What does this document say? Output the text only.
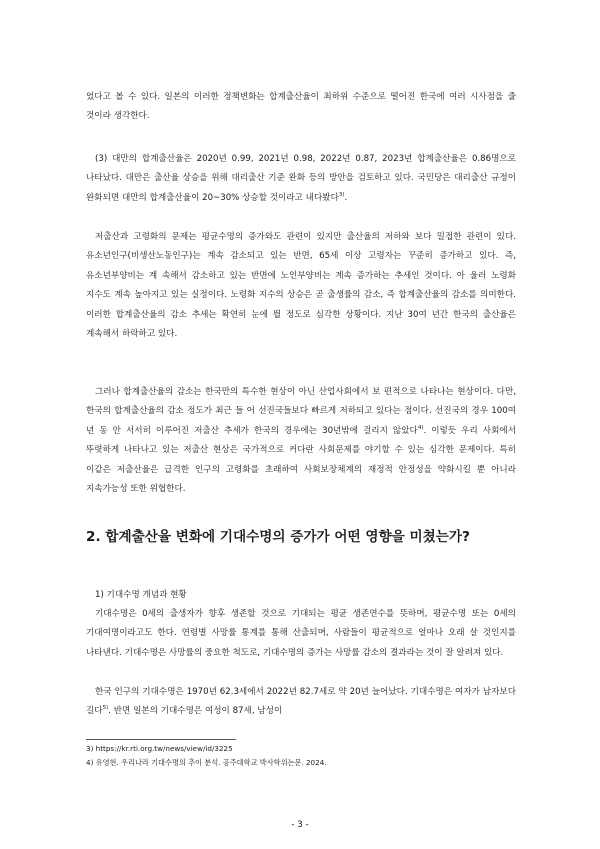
었다고 볼 수 있다. 일본의 이러한 정책변화는 합계출산율이 최하위 수준으로 떨어진 한국에 여러 시사점을 줄 것이라 생각한다.

(3) 대만의 합계출산율은 2020년 0.99, 2021년 0.98, 2022년 0.87, 2023년 합계출산율은 0.86명으로 나타났다. 대만은 출산율 상승을 위해 대리출산 기준 완화 등의 방안을 검토하고 있다. 국민당은 대리출산 규정이 완화되면 대만의 합계출산율이 20~30% 상승할 것이라고 내다봤다$^{3)}$.

저출산과 고령화의 문제는 평균수명의 증가와도 관련이 있지만 출산율의 저하와 보다 밀접한 관련이 있다. 유소년인구(비생산노동인구)는 계속 감소되고 있는 반면, 65세 이상 고령자는 꾸준히 증가하고 있다. 즉, 유소년부양비는 계 속해서 감소하고 있는 반면에 노인부양비는 계속 증가하는 추세인 것이다. 아 울러 노령화 지수도 계속 높아지고 있는 실정이다. 노령화 지수의 상승은 곧 출생률의 감소, 즉 합계출산율의 감소를 의미한다. 이러한 합계출산율의 감소 추세는 확연히 눈에 띌 정도로 심각한 상황이다. 지난 30여 년간 한국의 출산율은 계속해서 하락하고 있다.

그러나 합계출산율의 감소는 한국만의 특수한 현상이 아닌 산업사회에서 보 편적으로 나타나는 현상이다. 다만, 한국의 합계출산율의 감소 정도가 최근 들 어 선진국들보다 빠르게 저하되고 있다는 점이다. 선진국의 경우 100여 년 동 안 서서히 이루어진 저출산 추세가 한국의 경우에는 30년밖에 걸리지 않았다$^{4)}$. 이렇듯 우리 사회에서 뚜렷하게 나타나고 있는 저출산 현상은 국가적으로 커다란 사회문제를 야기할 수 있는 심각한 문제이다. 특히 이같은 저출산율은 급격한 인구의 고령화를 초래하여 사회보장체계의 재정적 안정성을 약화시킬 뿐 아니라 지속가능성 또한 위협한다.

2. 합계출산율 변화에 기대수명의 증가가 어떤 영향을 미쳤는가?

1) 기대수명 개념과 현황

기대수명은 0세의 출생자가 향후 생존할 것으로 기대되는 평균 생존연수를 뜻하며, 평균수명 또는 0세의 기대여명이라고도 한다. 연령별 사망률 통계를 통해 산출되며, 사람들이 평균적으로 얼마나 오래 살 것인지를 나타낸다. 기대수명은 사망률의 중요한 척도로, 기대수명의 증가는 사망률 감소의 결과라는 것이 잘 알려져 있다.

한국 인구의 기대수명은 1970년 62.3세에서 2022년 82.7세로 약 20년 늘어났다. 기대수명은 여자가 남자보다 길다$^{5)}$. 반면 일본의 기대수명은 여성이 87세, 남성이

3) https://kr.rti.org.tw/news/view/id/3225

4) 유영현. 우리나라 기대수명의 추이 분석. 공주대학교 박사학위논문. 2024.

- 3 -
